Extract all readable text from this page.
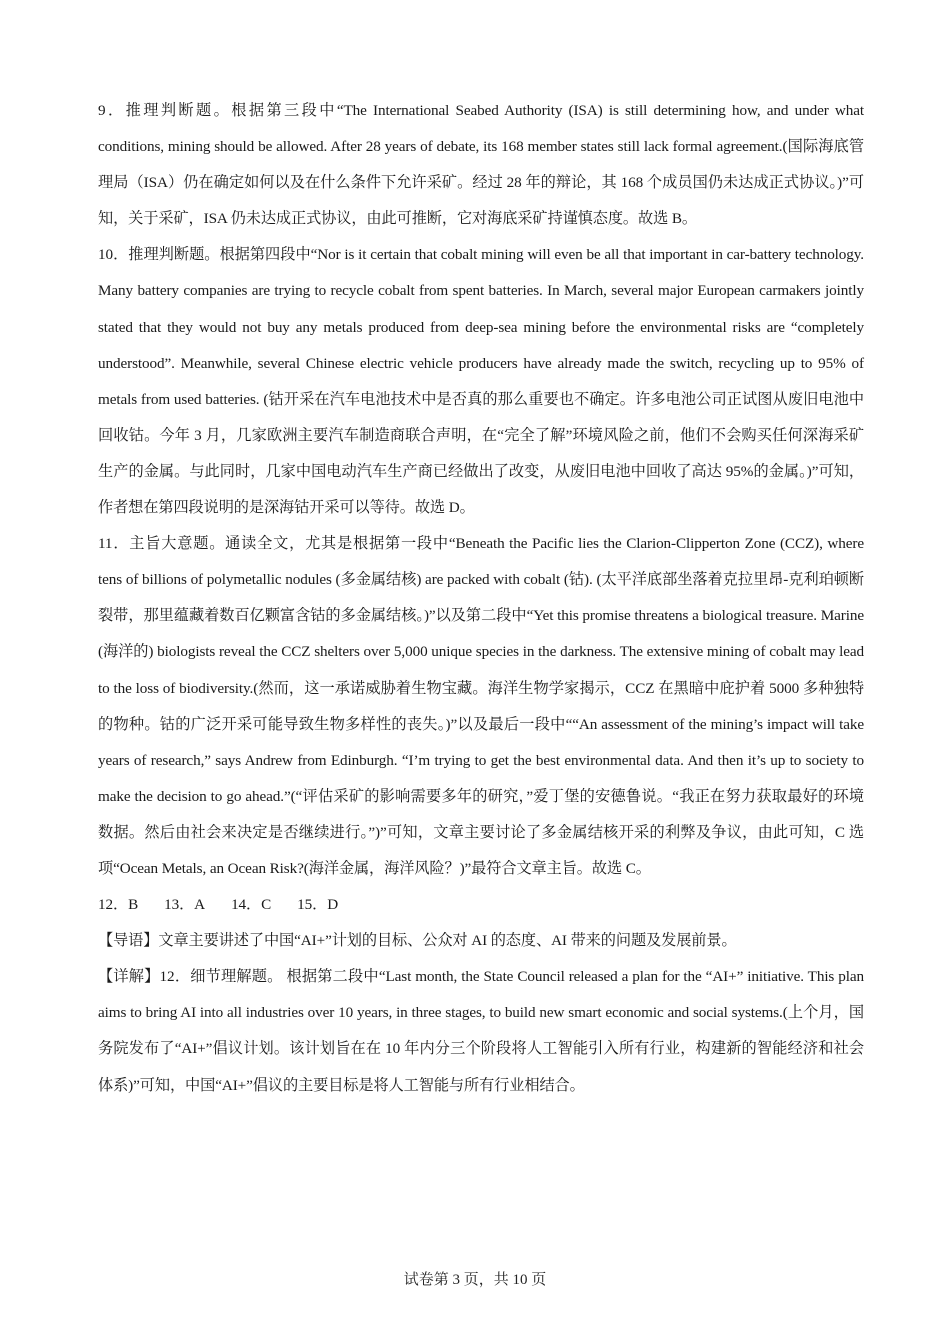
9．推理判断题。根据第三段中“The International Seabed Authority (ISA) is still determining how, and under what conditions, mining should be allowed. After 28 years of debate, its 168 member states still lack formal agreement.(国际海底管理局（ISA）仍在确定如何以及在什么条件下允许采矿。经过 28 年的辩论，其 168 个成员国仍未达成正式协议。)”可知，关于采矿，ISA 仍未达成正式协议，由此可推断，它对海底采矿持谨慎态度。故选 B。

10．推理判断题。根据第四段中“Nor is it certain that cobalt mining will even be all that important in car-battery technology. Many battery companies are trying to recycle cobalt from spent batteries. In March, several major European carmakers jointly stated that they would not buy any metals produced from deep-sea mining before the environmental risks are “completely understood”. Meanwhile, several Chinese electric vehicle producers have already made the switch, recycling up to 95% of metals from used batteries. (钴开采在汽车电池技术中是否真的那么重要也不确定。许多电池公司正试图从废旧电池中回收钴。今年 3 月，几家欧洲主要汽车制造商联合声明，在“完全了解”环境风险之前，他们不会购买任何深海采矿生产的金属。与此同时，几家中国电动汽车生产商已经做出了改变，从废旧电池中回收了高达 95%的金属。)”可知，作者想在第四段说明的是深海钴开采可以等待。故选 D。

11．主旨大意题。通读全文，尤其是根据第一段中“Beneath the Pacific lies the Clarion-Clipperton Zone (CCZ), where tens of billions of polymetallic nodules (多金属结核) are packed with cobalt (钴). (太平洋底部坐落着克拉里昂-克利珀顿断裂带，那里蕴藏着数百亿颗富含钴的多金属结核。)”以及第二段中“Yet this promise threatens a biological treasure. Marine (海洋的) biologists reveal the CCZ shelters over 5,000 unique species in the darkness. The extensive mining of cobalt may lead to the loss of biodiversity.(然而，这一承诺威胁着生物宝藏。海洋生物学家揭示，CCZ 在黑暗中庇护着 5000 多种独特的物种。钴的广泛开采可能导致生物多样性的丧失。)”以及最后一段中““An assessment of the mining’s impact will take years of research,” says Andrew from Edinburgh. “I’m trying to get the best environmental data. And then it’s up to society to make the decision to go ahead.”(“评估采矿的影响需要多年的研究，”爱丁堡的安德鲁说。“我正在努力获取最好的环境数据。然后由社会来决定是否继续进行。”)”可知，文章主要讨论了多金属结核开采的利弊及争议，由此可知，C 选项“Ocean Metals, an Ocean Risk?(海洋金属，海洋风险？)”最符合文章主旨。故选 C。

12．B 13．A 14．C 15．D

【导语】文章主要讲述了中国“AI+”计划的目标、公众对 AI 的态度、AI 带来的问题及发展前景。

【详解】12．细节理解题。 根据第二段中“Last month, the State Council released a plan for the “AI+” initiative. This plan aims to bring AI into all industries over 10 years, in three stages, to build new smart economic and social systems.(上个月，国务院发布了“AI+”倡议计划。该计划旨在在 10 年内分三个阶段将人工智能引入所有行业，构建新的智能经济和社会体系)”可知，中国“AI+”倡议的主要目标是将人工智能与所有行业相结合。

试卷第 3 页，共 10 页
